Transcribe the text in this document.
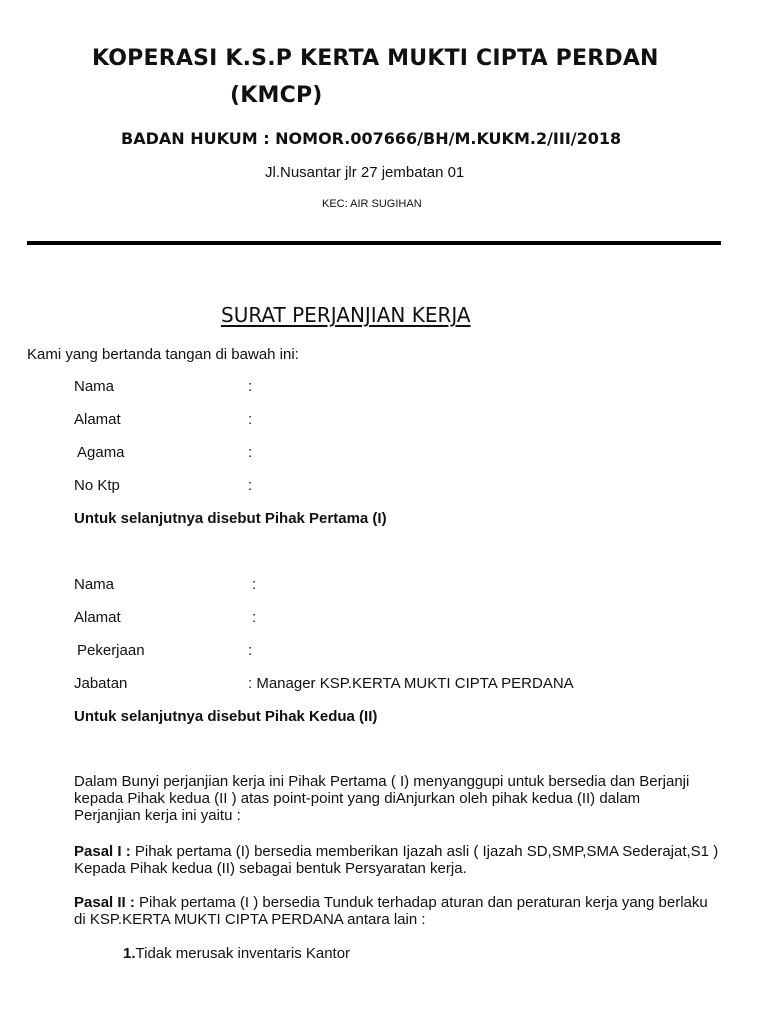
KOPERASI K.S.P KERTA MUKTI CIPTA PERDAN
(KMCP)
BADAN HUKUM : NOMOR.007666/BH/M.KUKM.2/III/2018
Jl.Nusantar jlr 27 jembatan 01
KEC: AIR SUGIHAN
SURAT PERJANJIAN KERJA
Kami yang bertanda tangan di bawah ini:
Nama	:
Alamat	:
Agama	:
No Ktp	:
Untuk selanjutnya disebut Pihak Pertama (I)
Nama	:
Alamat	:
Pekerjaan	:
Jabatan	: Manager KSP.KERTA MUKTI CIPTA PERDANA
Untuk selanjutnya disebut Pihak Kedua (II)

Dalam Bunyi perjanjian kerja ini Pihak Pertama ( I) menyanggupi untuk bersedia dan Berjanji

kepada Pihak kedua (II ) atas point-point yang diAnjurkan oleh pihak kedua (II) dalam

Perjanjian kerja ini yaitu :

Pasal I : Pihak pertama (I) bersedia memberikan Ijazah asli ( Ijazah SD,SMP,SMA Sederajat,S1 )

Kepada Pihak kedua (II) sebagai bentuk Persyaratan kerja.

Pasal II : Pihak pertama (I ) bersedia Tunduk terhadap aturan dan peraturan kerja yang berlaku

di KSP.KERTA MUKTI CIPTA PERDANA antara lain :

1.Tidak merusak inventaris Kantor
